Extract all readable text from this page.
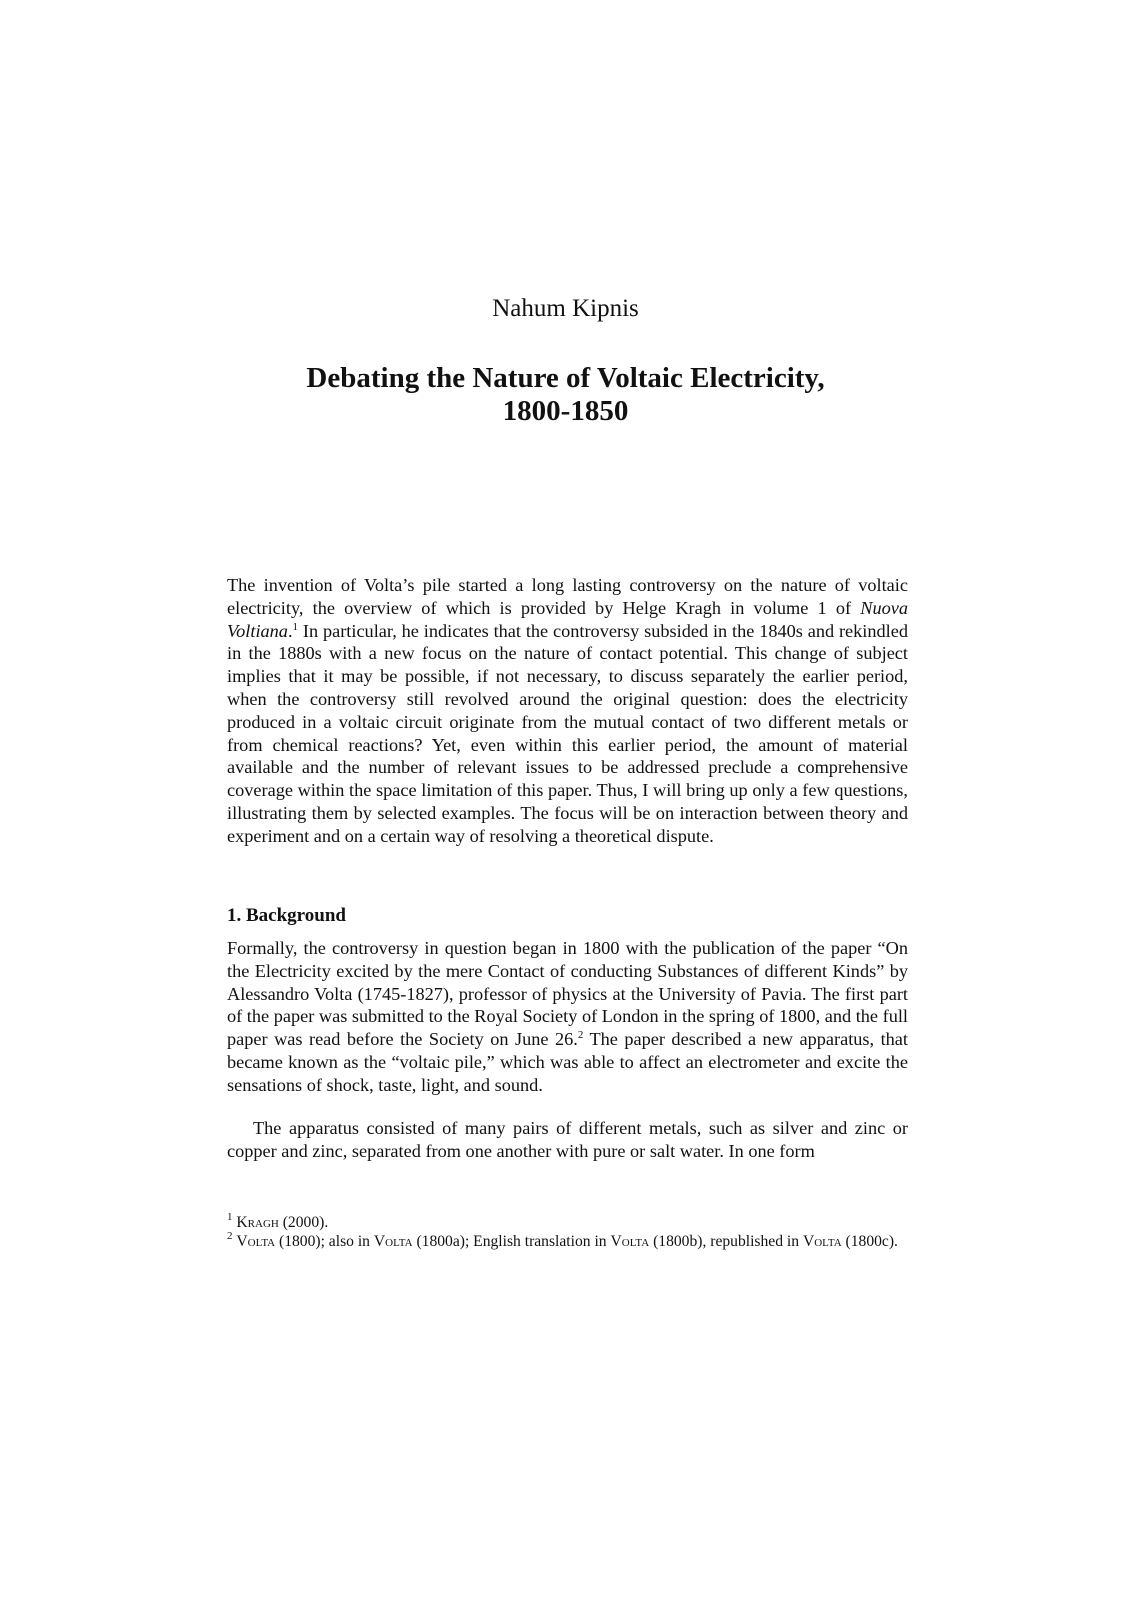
Nahum Kipnis
Debating the Nature of Voltaic Electricity,
1800-1850

The invention of Volta’s pile started a long lasting controversy on the nature of voltaic electricity, the overview of which is provided by Helge Kragh in volume 1 of Nuova Voltiana.$^1$ In particular, he indicates that the controversy subsided in the 1840s and rekindled in the 1880s with a new focus on the nature of contact potential. This change of subject implies that it may be possible, if not necessary, to discuss separately the earlier period, when the controversy still revolved around the original question: does the electricity produced in a voltaic circuit originate from the mutual contact of two different metals or from chemical reactions? Yet, even within this earlier period, the amount of material available and the number of relevant issues to be addressed preclude a comprehensive coverage within the space limitation of this paper. Thus, I will bring up only a few questions, illustrating them by selected examples. The focus will be on interaction between theory and experiment and on a certain way of resolving a theoretical dispute.

1. Background

Formally, the controversy in question began in 1800 with the publication of the paper “On the Electricity excited by the mere Contact of conducting Substances of different Kinds” by Alessandro Volta (1745-1827), professor of physics at the University of Pavia. The first part of the paper was submitted to the Royal Society of London in the spring of 1800, and the full paper was read before the Society on June 26.$^2$ The paper described a new apparatus, that became known as the “voltaic pile,” which was able to affect an electrometer and excite the sensations of shock, taste, light, and sound.

The apparatus consisted of many pairs of different metals, such as silver and zinc or copper and zinc, separated from one another with pure or salt water. In one form

$^1$ Kragh (2000).

$^2$ Volta (1800); also in Volta (1800a); English translation in Volta (1800b), republished in Volta (1800c).
